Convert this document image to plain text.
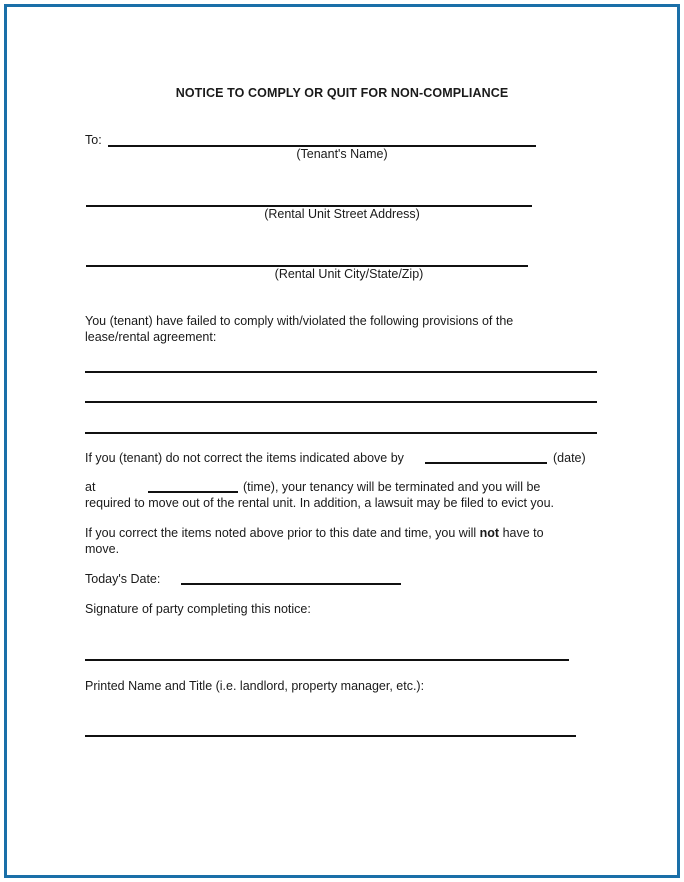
NOTICE TO COMPLY OR QUIT FOR NON-COMPLIANCE
To:
(Tenant's Name)
(Rental Unit Street Address)
(Rental Unit City/State/Zip)
You (tenant) have failed to comply with/violated the following provisions of the
lease/rental agreement:
If you (tenant) do not correct the items indicated above by	(date)
at	(time), your tenancy will be terminated and you will be
required to move out of the rental unit. In addition, a lawsuit may be filed to evict you.
If you correct the items noted above prior to this date and time, you will not have to
move.
Today's Date:
Signature of party completing this notice:
Printed Name and Title (i.e. landlord, property manager, etc.):
